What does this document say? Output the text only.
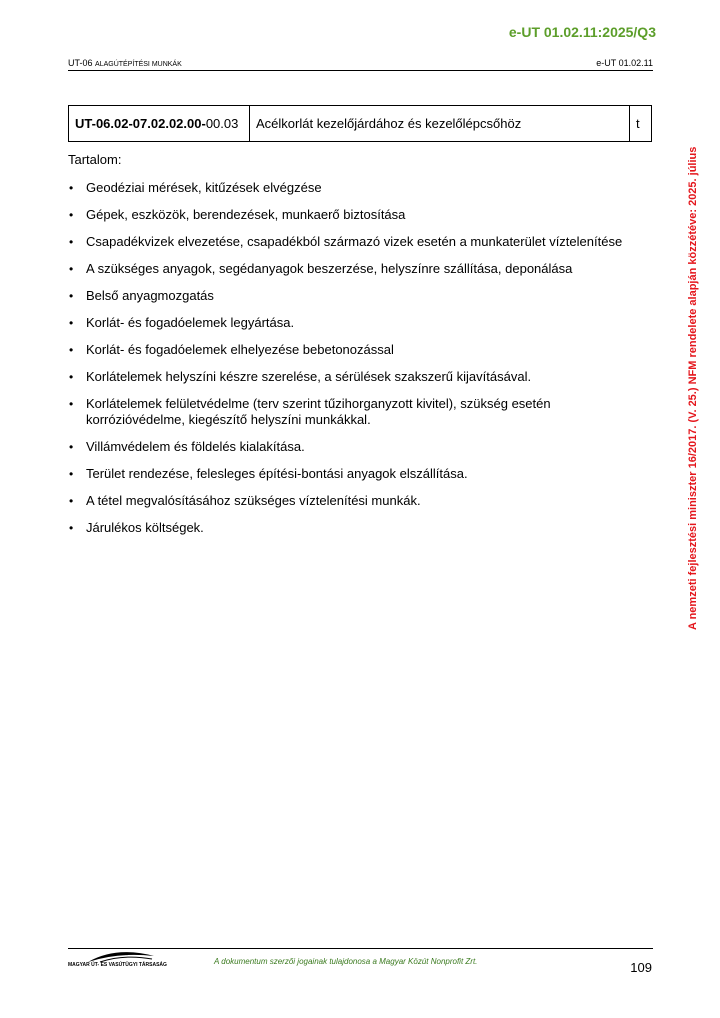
e-UT 01.02.11:2025/Q3
UT-06 ALAGÚTÉPÍTÉSI MUNKÁK	e-UT 01.02.11
UT-06.02-07.02.02.00-00.03	Acélkorlát kezelőjárdához és kezelőlépcsőhöz	t

Tartalom:

• Geodéziai mérések, kitűzések elvégzése
• Gépek, eszközök, berendezések, munkaerő biztosítása
• Csapadékvizek elvezetése, csapadékból származó vizek esetén a munkaterület víztelenítése
• A szükséges anyagok, segédanyagok beszerzése, helyszínre szállítása, deponálása
• Belső anyagmozgatás
• Korlát- és fogadóelemek legyártása.
• Korlát- és fogadóelemek elhelyezése bebetonozással
• Korlátelemek helyszíni készre szerelése, a sérülések szakszerű kijavításával.
• Korlátelemek felületvédelme (terv szerint tűzihorganyzott kivitel), szükség esetén korrózióvédelme, kiegészítő helyszíni munkákkal.
• Villámvédelem és földelés kialakítása.
• Terület rendezése, felesleges építési-bontási anyagok elszállítása.
• A tétel megvalósításához szükséges víztelenítési munkák.
• Járulékos költségek.	A nemzeti fejlesztési miniszter 16/2017. (V. 25.) NFM rendelete alapján közzétéve: 2025. július
MAGYAR ÚT- ÉS VASÚTÜGYI TÁRSASÁG	A dokumentum szerzői jogainak tulajdonosa a Magyar Közút Nonprofit Zrt.	109
